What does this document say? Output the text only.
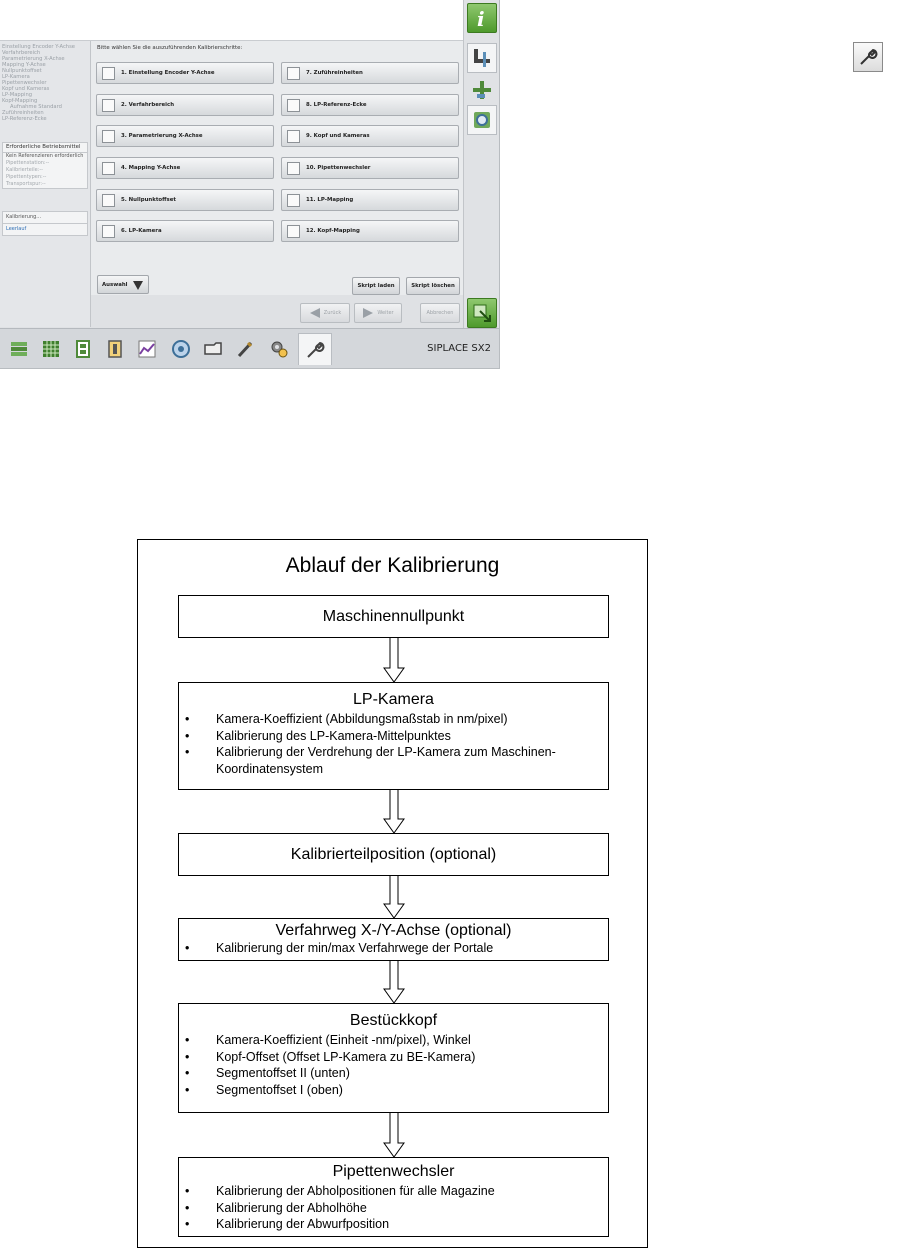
Einstellung Encoder Y-Achse
Verfahrbereich
Parametrierung X-Achse
Mapping Y-Achse
Nullpunktoffset
LP-Kamera
Pipettenwechsler
Kopf und Kameras
LP-Mapping
Kopf-Mapping
Aufnahme Standard
Zuführeinheiten
LP-Referenz-Ecke
Erforderliche Betriebsmittel
Kein Referenzieren erforderlich
Pipettenstation:--
Kalibrierteile:--
Pipettentypen:--
Transportspur:--
Kalibrierung...
Leerlauf
Bitte wählen Sie die auszuführenden Kalibrierschritte:
1. Einstellung Encoder Y-Achse
2. Verfahrbereich
3. Parametrierung X-Achse
4. Mapping Y-Achse
5. Nullpunktoffset
6. LP-Kamera
7. Zuführeinheiten
8. LP-Referenz-Ecke
9. Kopf und Kameras
10. Pipettenwechsler
11. LP-Mapping
12. Kopf-Mapping
Auswahl	Skript laden	Skript löschen
Zurück	Weiter	Abbrechen
i
SIPLACE SX2
Ablauf der Kalibrierung
Maschinennullpunkt
LP-Kamera
• Kamera-Koeffizient (Abbildungsmaßstab in nm/pixel)
• Kalibrierung des LP-Kamera-Mittelpunktes
• Kalibrierung der Verdrehung der LP-Kamera zum Maschinen-Koordinatensystem
Kalibrierteilposition (optional)
Verfahrweg X-/Y-Achse (optional)
• Kalibrierung der min/max Verfahrwege der Portale
Bestückkopf
• Kamera-Koeffizient (Einheit -nm/pixel), Winkel
• Kopf-Offset (Offset LP-Kamera zu BE-Kamera)
• Segmentoffset II (unten)
• Segmentoffset I (oben)
Pipettenwechsler
• Kalibrierung der Abholpositionen für alle Magazine
• Kalibrierung der Abholhöhe
• Kalibrierung der Abwurfposition
